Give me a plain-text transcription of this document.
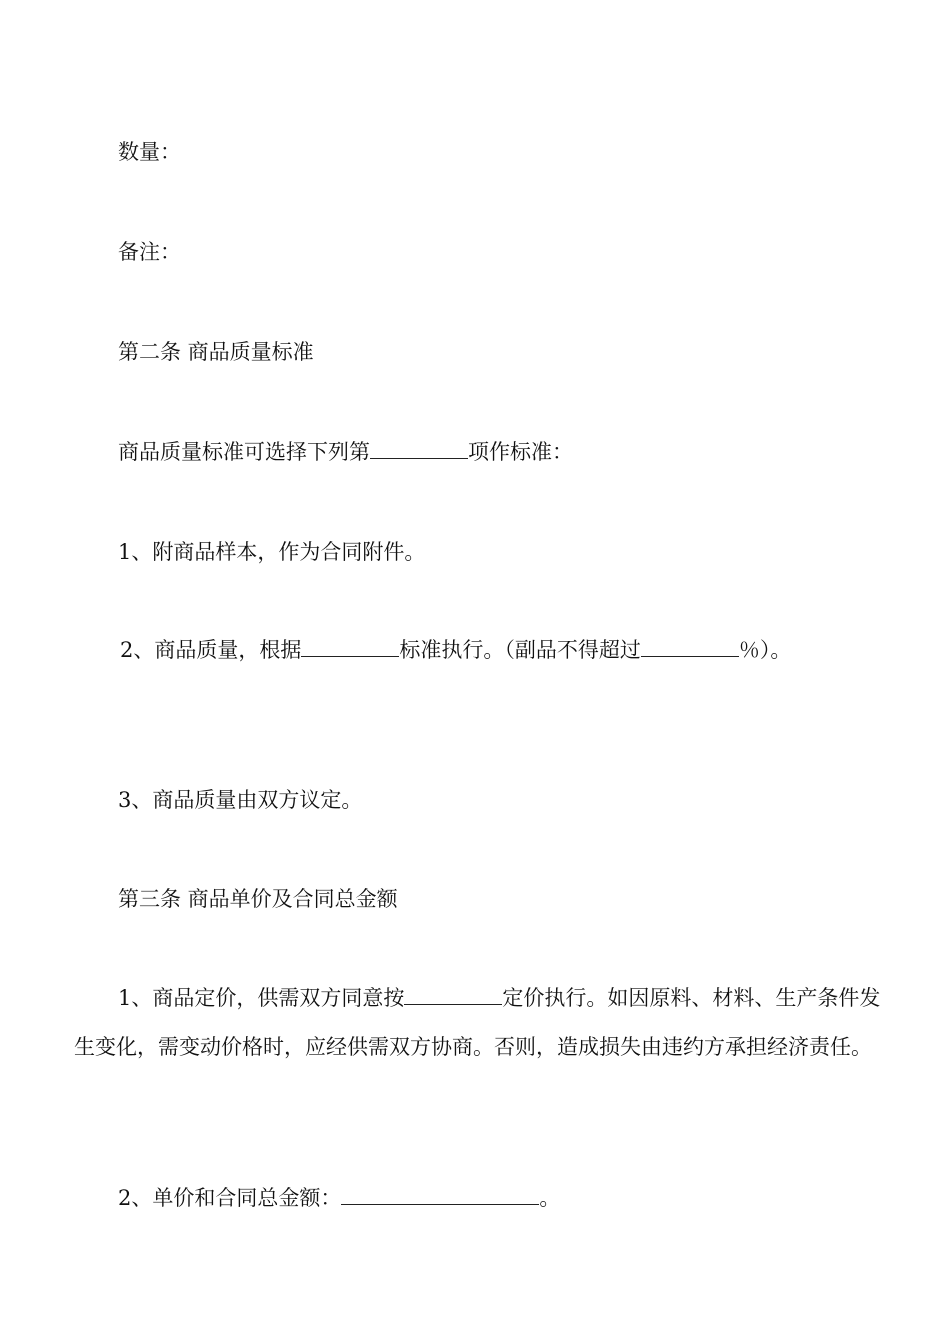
数量：

备注：

第二条 商品质量标准

商品质量标准可选择下列第	项作标准：

1、附商品样本，作为合同附件。

2、商品质量，根据	标准执行。（副品不得超过	％）。

3、商品质量由双方议定。

第三条 商品单价及合同总金额

1、商品定价，供需双方同意按	定价执行。如因原料、材料、生产条件发生变化，需变动价格时，应经供需双方协商。否则，造成损失由违约方承担经济责任。

2、单价和合同总金额：	。
